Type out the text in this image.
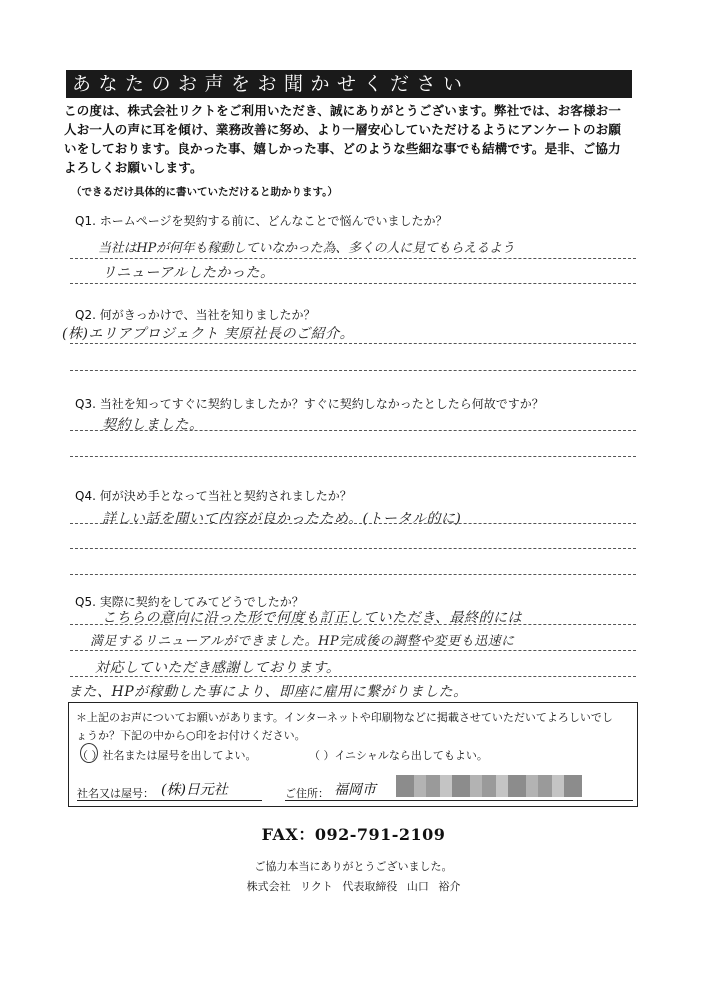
あなたのお声をお聞かせください
この度は、株式会社リクトをご利用いただき、誠にありがとうございます。弊社では、お客様お一
人お一人の声に耳を傾け、業務改善に努め、より一層安心していただけるようにアンケートのお願
いをしております。良かった事、嬉しかった事、どのような些細な事でも結構です。是非、ご協力
よろしくお願いします。
（できるだけ具体的に書いていただけると助かります。）
Q1. ホームページを契約する前に、どんなことで悩んでいましたか？
当社はHPが何年も稼動していなかった為、多くの人に見てもらえるよう
リニューアルしたかった。
Q2. 何がきっかけで、当社を知りましたか？
(株)エリアプロジェクト 実原社長のご紹介。
Q3. 当社を知ってすぐに契約しましたか？すぐに契約しなかったとしたら何故ですか？
契約しました。
Q4. 何が決め手となって当社と契約されましたか？
詳しい話を聞いて内容が良かったため。(トータル的に)
Q5. 実際に契約をしてみてどうでしたか？
こちらの意向に沿った形で何度も訂正していただき、最終的には
満足するリニューアルができました。HP完成後の調整や変更も迅速に
対応していただき感謝しております。
また、HPが稼動した事により、即座に雇用に繋がりました。
＊上記のお声についてお願いがあります。インターネットや印刷物などに掲載させていただいてよろしいでし
ょうか？下記の中から○印をお付けください。
（ ）社名または屋号を出してよい。	（ ）イニシャルなら出してもよい。
社名又は屋号： (株)日元社	ご住所： 福岡市
FAX：092-791-2109
ご協力本当にありがとうございました。
株式会社 リクト 代表取締役 山口 裕介
